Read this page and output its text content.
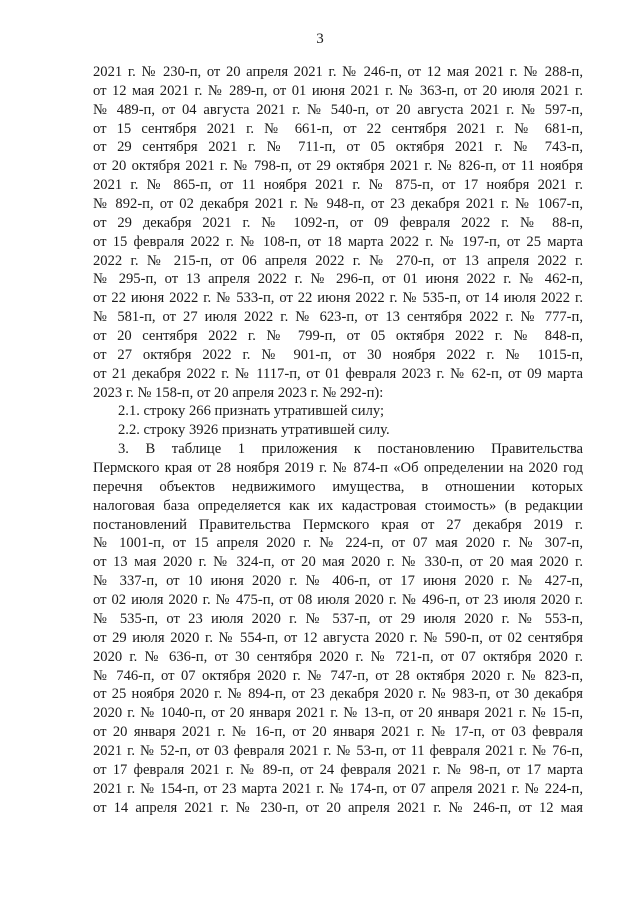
3
2021 г. № 230-п, от 20 апреля 2021 г. № 246-п, от 12 мая 2021 г. № 288-п,
от 12 мая 2021 г. № 289-п, от 01 июня 2021 г. № 363-п, от 20 июля 2021 г.
№ 489-п, от 04 августа 2021 г. № 540-п, от 20 августа 2021 г. № 597-п,
от 15 сентября 2021 г. № 661-п, от 22 сентября 2021 г. № 681-п,
от 29 сентября 2021 г. № 711-п, от 05 октября 2021 г. № 743-п,
от 20 октября 2021 г. № 798-п, от 29 октября 2021 г. № 826-п, от 11 ноября
2021 г. № 865-п, от 11 ноября 2021 г. № 875-п, от 17 ноября 2021 г.
№ 892-п, от 02 декабря 2021 г. № 948-п, от 23 декабря 2021 г. № 1067-п,
от 29 декабря 2021 г. № 1092-п, от 09 февраля 2022 г. № 88-п,
от 15 февраля 2022 г. № 108-п, от 18 марта 2022 г. № 197-п, от 25 марта
2022 г. № 215-п, от 06 апреля 2022 г. № 270-п, от 13 апреля 2022 г.
№ 295-п, от 13 апреля 2022 г. № 296-п, от 01 июня 2022 г. № 462-п,
от 22 июня 2022 г. № 533-п, от 22 июня 2022 г. № 535-п, от 14 июля 2022 г.
№ 581-п, от 27 июля 2022 г. № 623-п, от 13 сентября 2022 г. № 777-п,
от 20 сентября 2022 г. № 799-п, от 05 октября 2022 г. № 848-п,
от 27 октября 2022 г. № 901-п, от 30 ноября 2022 г. № 1015-п,
от 21 декабря 2022 г. № 1117-п, от 01 февраля 2023 г. № 62-п, от 09 марта
2023 г. № 158-п, от 20 апреля 2023 г. № 292-п):
2.1. строку 266 признать утратившей силу;
2.2. строку 3926 признать утратившей силу.
3. В таблице 1 приложения к постановлению Правительства
Пермского края от 28 ноября 2019 г. № 874-п «Об определении на 2020 год
перечня объектов недвижимого имущества, в отношении которых
налоговая база определяется как их кадастровая стоимость» (в редакции
постановлений Правительства Пермского края от 27 декабря 2019 г.
№ 1001-п, от 15 апреля 2020 г. № 224-п, от 07 мая 2020 г. № 307-п,
от 13 мая 2020 г. № 324-п, от 20 мая 2020 г. № 330-п, от 20 мая 2020 г.
№ 337-п, от 10 июня 2020 г. № 406-п, от 17 июня 2020 г. № 427-п,
от 02 июля 2020 г. № 475-п, от 08 июля 2020 г. № 496-п, от 23 июля 2020 г.
№ 535-п, от 23 июля 2020 г. № 537-п, от 29 июля 2020 г. № 553-п,
от 29 июля 2020 г. № 554-п, от 12 августа 2020 г. № 590-п, от 02 сентября
2020 г. № 636-п, от 30 сентября 2020 г. № 721-п, от 07 октября 2020 г.
№ 746-п, от 07 октября 2020 г. № 747-п, от 28 октября 2020 г. № 823-п,
от 25 ноября 2020 г. № 894-п, от 23 декабря 2020 г. № 983-п, от 30 декабря
2020 г. № 1040-п, от 20 января 2021 г. № 13-п, от 20 января 2021 г. № 15-п,
от 20 января 2021 г. № 16-п, от 20 января 2021 г. № 17-п, от 03 февраля
2021 г. № 52-п, от 03 февраля 2021 г. № 53-п, от 11 февраля 2021 г. № 76-п,
от 17 февраля 2021 г. № 89-п, от 24 февраля 2021 г. № 98-п, от 17 марта
2021 г. № 154-п, от 23 марта 2021 г. № 174-п, от 07 апреля 2021 г. № 224-п,
от 14 апреля 2021 г. № 230-п, от 20 апреля 2021 г. № 246-п, от 12 мая
